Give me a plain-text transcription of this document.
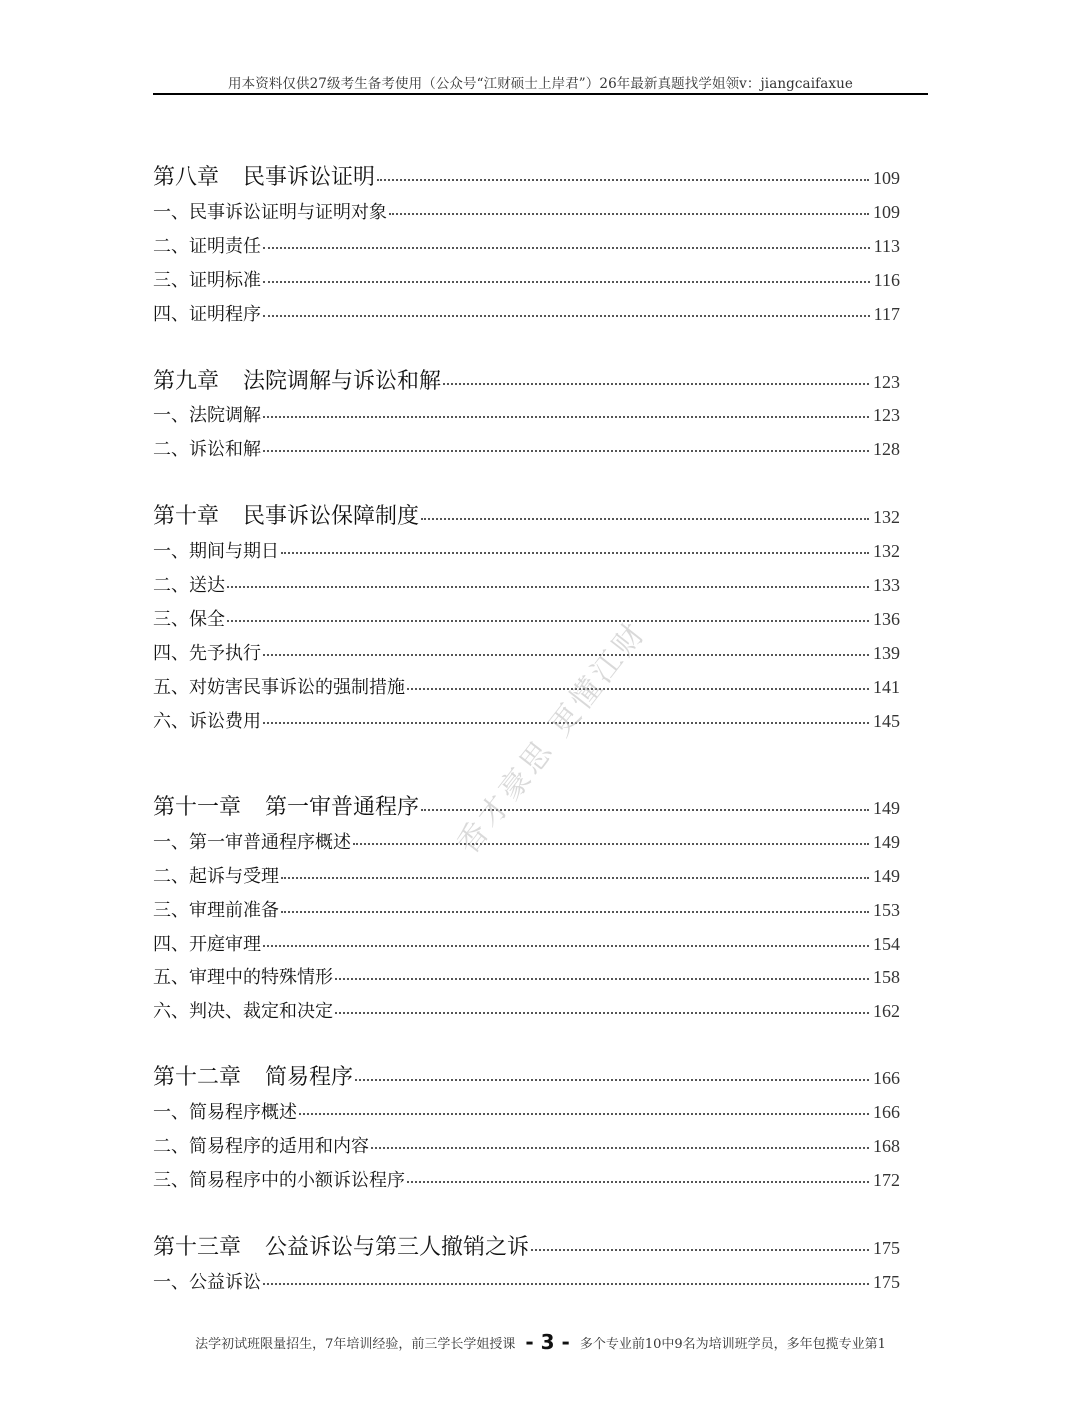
用本资料仅供27级考生备考使用（公众号“江财硕士上岸君”）26年最新真题找学姐领v：jiangcaifaxue
第八章 民事诉讼证明	109
一、民事诉讼证明与证明对象	109
二、证明责任	113
三、证明标准	116
四、证明程序	117
第九章 法院调解与诉讼和解	123
一、法院调解	123
二、诉讼和解	128
第十章 民事诉讼保障制度	132
一、期间与期日	132
二、送达	133
三、保全	136
四、先予执行	139
五、对妨害民事诉讼的强制措施	141
六、诉讼费用	145
第十一章 第一审普通程序	149
一、第一审普通程序概述	149
二、起诉与受理	149
三、审理前准备	153
四、开庭审理	154
五、审理中的特殊情形	158
六、判决、裁定和决定	162
第十二章 简易程序	166
一、简易程序概述	166
二、简易程序的适用和内容	168
三、简易程序中的小额诉讼程序	172
第十三章 公益诉讼与第三人撤销之诉	175
一、公益诉讼	175
香才豪思 更懂江财
法学初试班限量招生，7年培训经验，前三学长学姐授课 - 3 - 多个专业前10中9名为培训班学员，多年包揽专业第1
